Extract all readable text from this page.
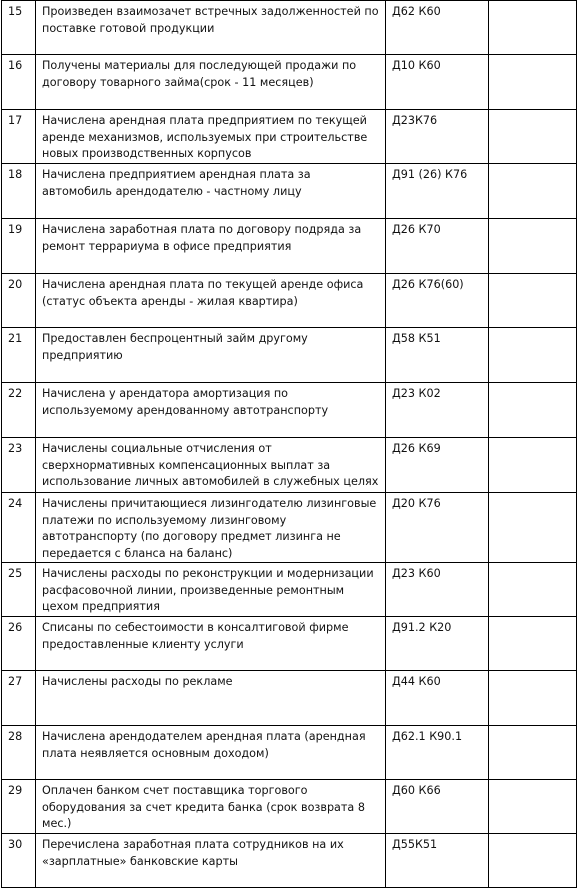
15	Произведен взаимозачет встречных задолженностей по поставке готовой продукции	Д62 К60	
16	Получены материалы для последующей продажи по договору товарного займа(срок - 11 месяцев)	Д10 К60	
17	Начислена арендная плата предприятием по текущей аренде механизмов, используемых при строительстве новых производственных корпусов	Д23К76	
18	Начислена предприятием арендная плата за автомобиль арендодателю - частному лицу	Д91 (26) К76	
19	Начислена заработная плата по договору подряда за ремонт террариума в офисе предприятия	Д26 К70	
20	Начислена арендная плата по текущей аренде офиса (статус объекта аренды - жилая квартира)	Д26 К76(60)	
21	Предоставлен беспроцентный займ другому предприятию	Д58 К51	
22	Начислена у арендатора амортизация по используемому арендованному автотранспорту	Д23 К02	
23	Начислены социальные отчисления от сверхнормативных компенсационных выплат за использование личных автомобилей в служебных целях	Д26 К69	
24	Начислены причитающиеся лизингодателю лизинговые платежи по используемому лизинговому автотранспорту (по договору предмет лизинга не передается с бланса на баланс)	Д20 К76	
25	Начислены расходы по реконструкции и модернизации расфасовочной линии, произведенные ремонтным цехом предприятия	Д23 К60	
26	Списаны по себестоимости в консалтиговой фирме предоставленные клиенту услуги	Д91.2 К20	
27	Начислены расходы по рекламе	Д44 К60	
28	Начислена арендодателем арендная плата (арендная плата неявляется основным доходом)	Д62.1 К90.1	
29	Оплачен банком счет поставщика торгового оборудования за счет кредита банка (срок возврата 8 мес.)	Д60 К66	
30	Перечислена заработная плата сотрудников на их «зарплатные» банковские карты	Д55К51	
